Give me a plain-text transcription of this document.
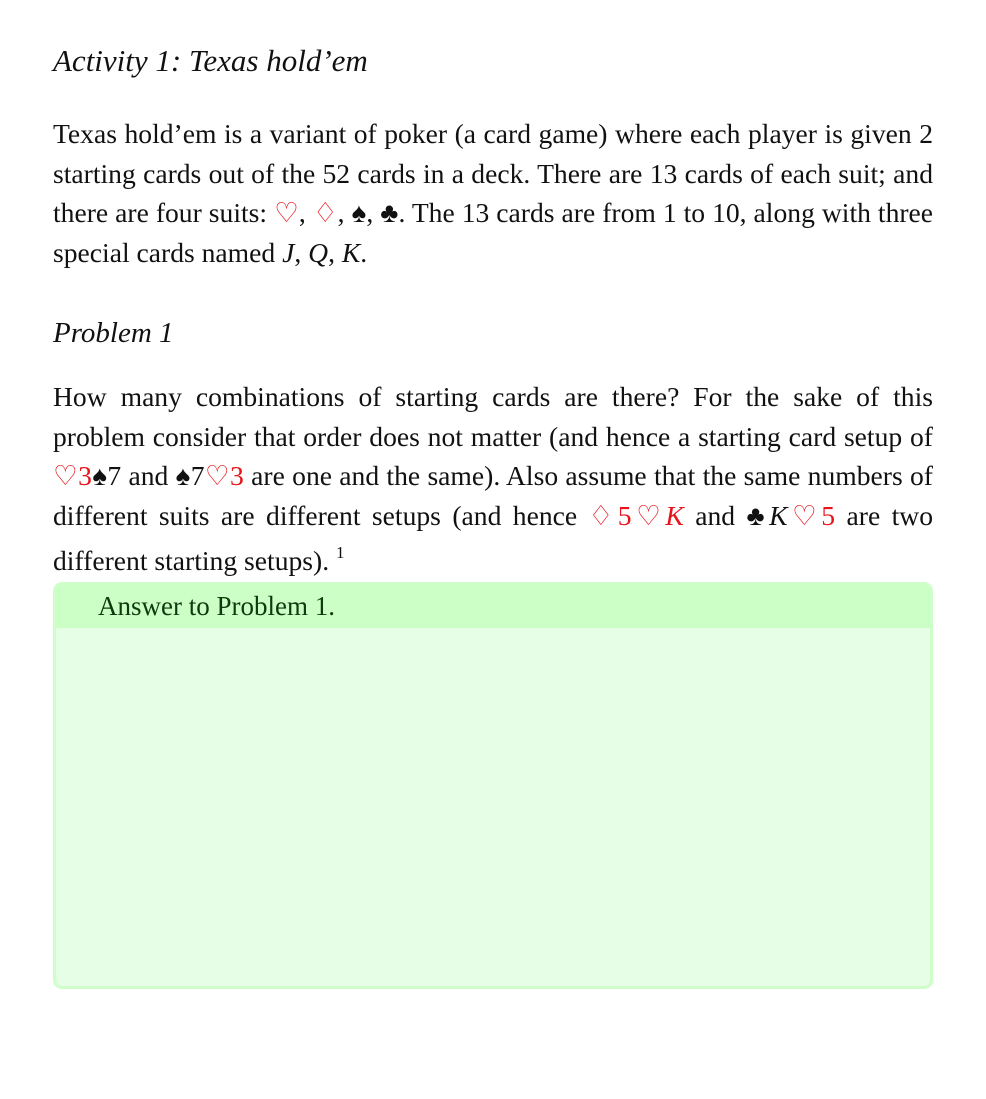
Activity 1: Texas hold’em

Texas hold’em is a variant of poker (a card game) where each player is given 2 starting cards out of the 52 cards in a deck. There are 13 cards of each suit; and there are four suits: ♡, ♢, ♠, ♣. The 13 cards are from 1 to 10, along with three special cards named J, Q, K.

Problem 1

How many combinations of starting cards are there? For the sake of this problem consider that order does not matter (and hence a starting card setup of ♡3♠7 and ♠7♡3 are one and the same). Also assume that the same numbers of different suits are different setups (and hence ♢5♡K and ♣K♡5 are two different starting setups). $^1$

Answer to Problem 1.
